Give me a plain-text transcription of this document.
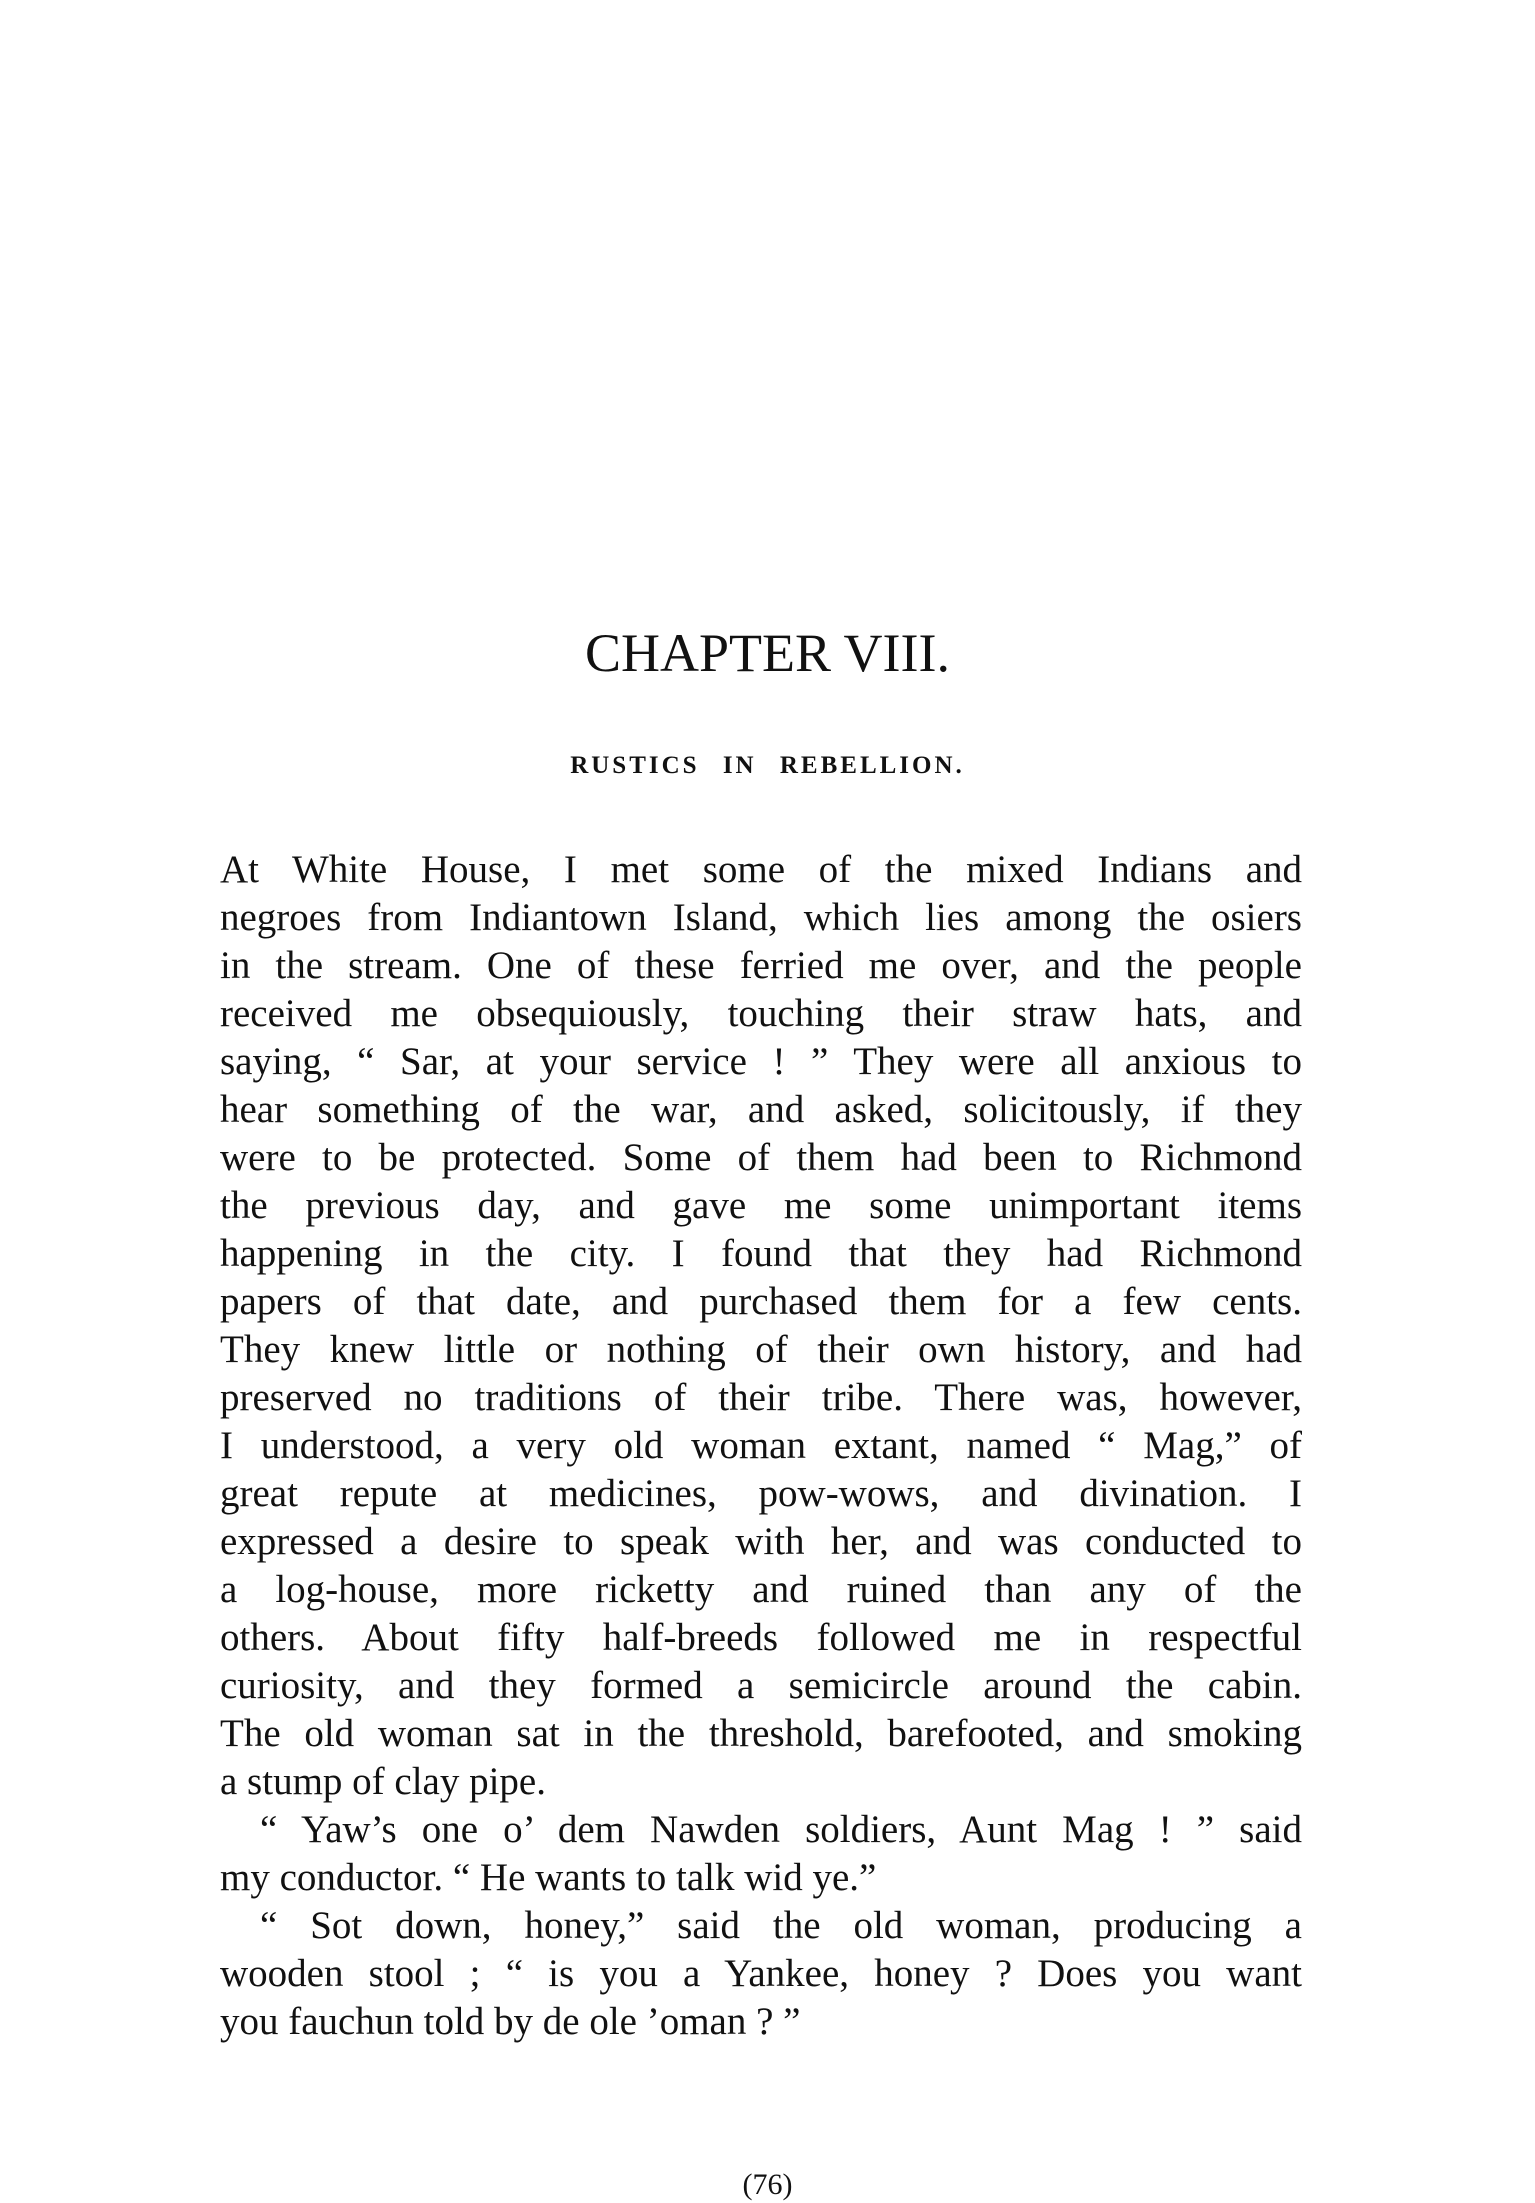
CHAPTER VIII.
RUSTICS IN REBELLION.
At White House, I met some of the mixed Indians and
negroes from Indiantown Island, which lies among the osiers
in the stream. One of these ferried me over, and the people
received me obsequiously, touching their straw hats, and
saying, “ Sar, at your service ! ” They were all anxious to
hear something of the war, and asked, solicitously, if they
were to be protected. Some of them had been to Richmond
the previous day, and gave me some unimportant items
happening in the city. I found that they had Richmond
papers of that date, and purchased them for a few cents.
They knew little or nothing of their own history, and had
preserved no traditions of their tribe. There was, however,
I understood, a very old woman extant, named “ Mag,” of
great repute at medicines, pow-wows, and divination. I
expressed a desire to speak with her, and was conducted to
a log-house, more ricketty and ruined than any of the
others. About fifty half-breeds followed me in respectful
curiosity, and they formed a semicircle around the cabin.
The old woman sat in the threshold, barefooted, and smoking
a stump of clay pipe.
“ Yaw’s one o’ dem Nawden soldiers, Aunt Mag ! ” said
my conductor. “ He wants to talk wid ye.”
“ Sot down, honey,” said the old woman, producing a
wooden stool ; “ is you a Yankee, honey ? Does you want
you fauchun told by de ole ’oman ? ”
(76)
